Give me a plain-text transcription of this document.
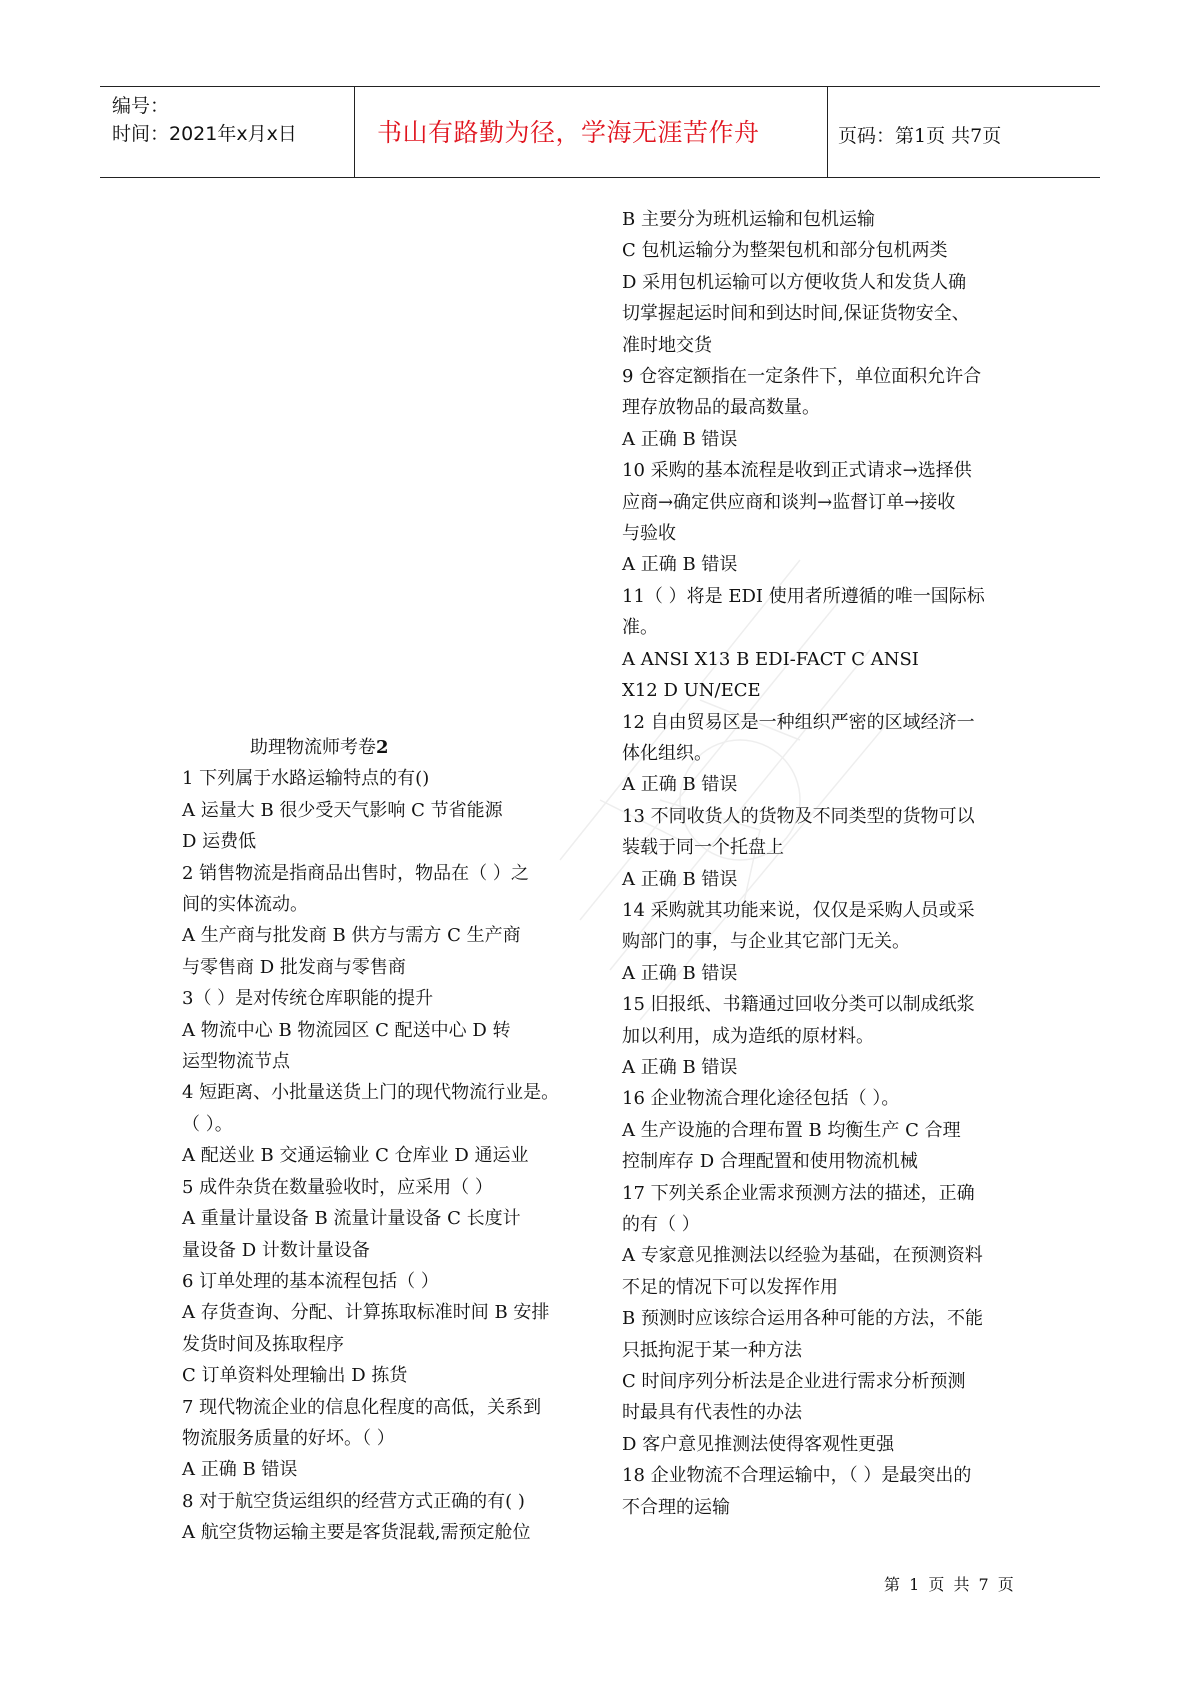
编号：
时间：2021年x月x日	书山有路勤为径，学海无涯苦作舟	页码：第1页 共7页
助理物流师考卷2
1 下列属于水路运输特点的有()
A 运量大 B 很少受天气影响 C 节省能源
D 运费低
2 销售物流是指商品出售时，物品在（ ）之
间的实体流动。
A 生产商与批发商 B 供方与需方 C 生产商
与零售商 D 批发商与零售商
3（ ）是对传统仓库职能的提升
A 物流中心 B 物流园区 C 配送中心 D 转
运型物流节点
4 短距离、小批量送货上门的现代物流行业是。
（ ）。
A 配送业 B 交通运输业 C 仓库业 D 通运业
5 成件杂货在数量验收时，应采用（ ）
A 重量计量设备 B 流量计量设备 C 长度计
量设备 D 计数计量设备
6 订单处理的基本流程包括（ ）
A 存货查询、分配、计算拣取标准时间 B 安排
发货时间及拣取程序
C 订单资料处理输出 D 拣货
7 现代物流企业的信息化程度的高低，关系到
物流服务质量的好坏。（ ）
A 正确 B 错误
8 对于航空货运组织的经营方式正确的有( )
A 航空货物运输主要是客货混载,需预定舱位
B 主要分为班机运输和包机运输
C 包机运输分为整架包机和部分包机两类
D 采用包机运输可以方便收货人和发货人确
切掌握起运时间和到达时间,保证货物安全、
准时地交货
9 仓容定额指在一定条件下，单位面积允许合
理存放物品的最高数量。
A 正确 B 错误
10 采购的基本流程是收到正式请求→选择供
应商→确定供应商和谈判→监督订单→接收
与验收
A 正确 B 错误
11（ ）将是 EDI 使用者所遵循的唯一国际标
准。
A ANSI X13 B EDI-FACT C ANSI
X12 D UN/ECE
12 自由贸易区是一种组织严密的区域经济一
体化组织。
A 正确 B 错误
13 不同收货人的货物及不同类型的货物可以
装载于同一个托盘上
A 正确 B 错误
14 采购就其功能来说，仅仅是采购人员或采
购部门的事，与企业其它部门无关。
A 正确 B 错误
15 旧报纸、书籍通过回收分类可以制成纸浆
加以利用，成为造纸的原材料。
A 正确 B 错误
16 企业物流合理化途径包括（ ）。
A 生产设施的合理布置 B 均衡生产 C 合理
控制库存 D 合理配置和使用物流机械
17 下列关系企业需求预测方法的描述，正确
的有（ ）
A 专家意见推测法以经验为基础，在预测资料
不足的情况下可以发挥作用
B 预测时应该综合运用各种可能的方法，不能
只抵拘泥于某一种方法
C 时间序列分析法是企业进行需求分析预测
时最具有代表性的办法
D 客户意见推测法使得客观性更强
18 企业物流不合理运输中，（ ）是最突出的
不合理的运输
第 1 页 共 7 页
